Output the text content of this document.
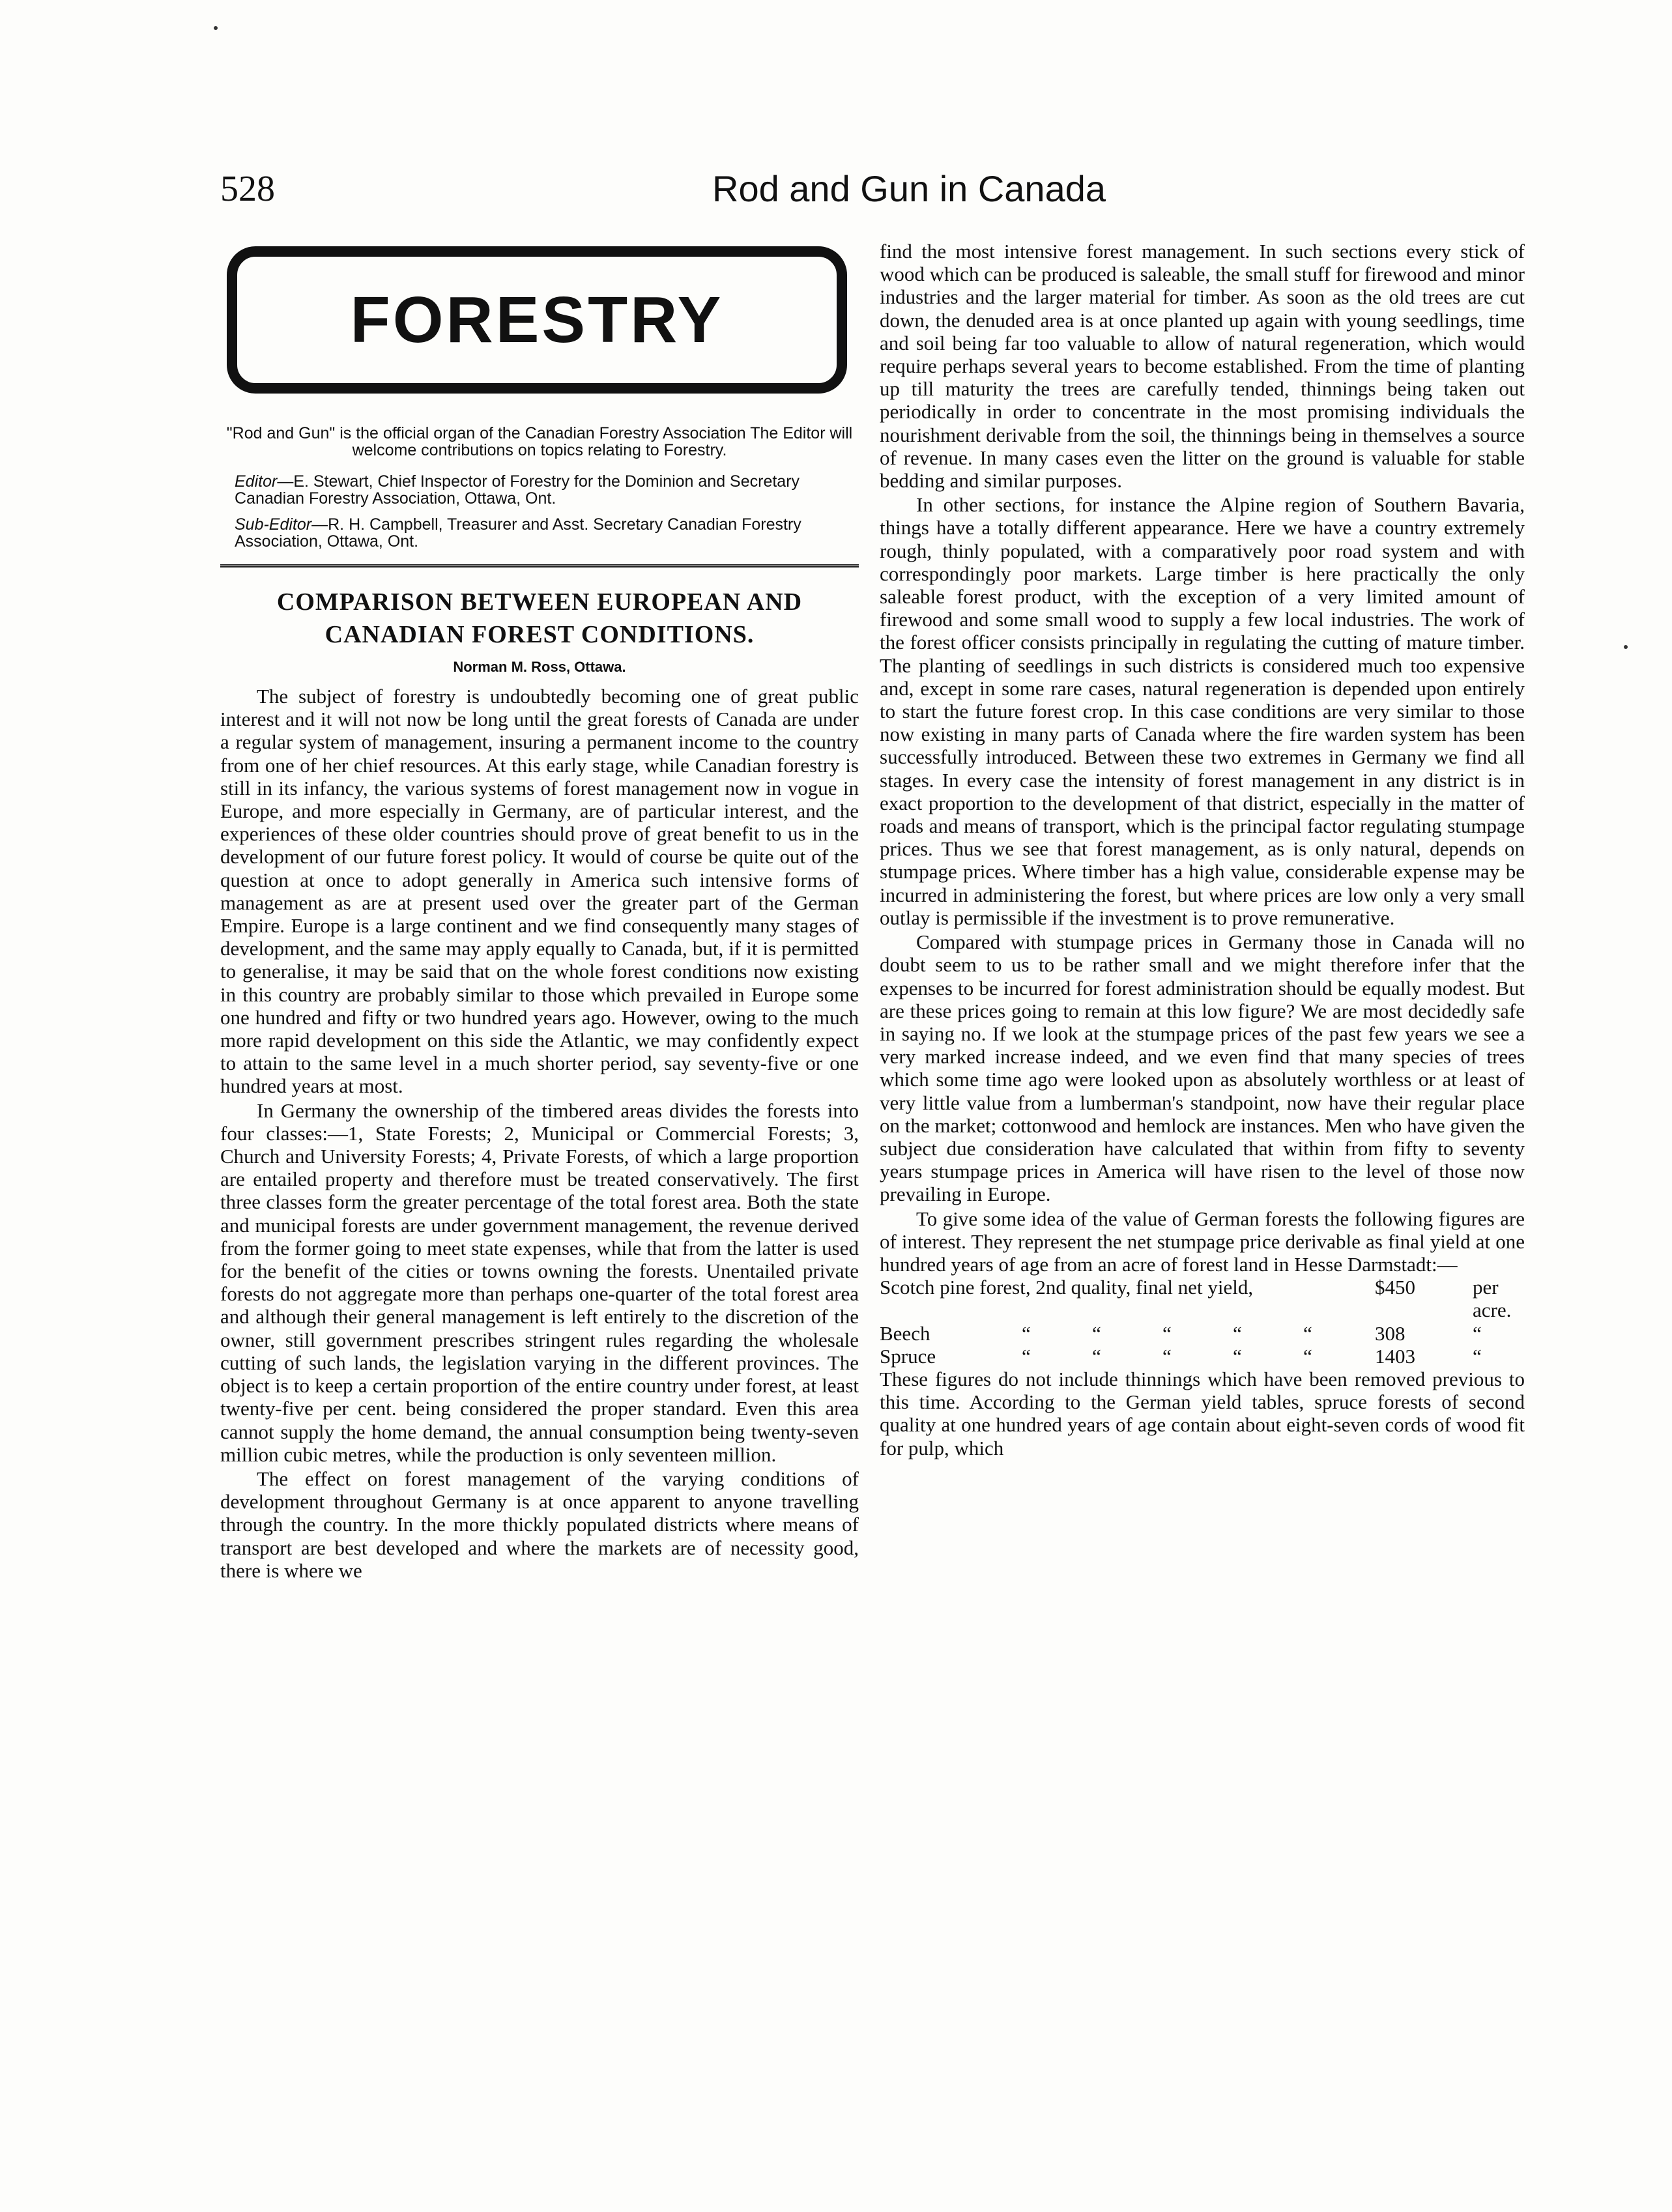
528	Rod and Gun in Canada
FORESTRY
"Rod and Gun" is the official organ of the Canadian Forestry Association The Editor will welcome contributions on topics relating to Forestry.

Editor—E. Stewart, Chief Inspector of Forestry for the Dominion and Secretary Canadian Forestry Association, Ottawa, Ont.

Sub-Editor—R. H. Campbell, Treasurer and Asst. Secretary Canadian Forestry Association, Ottawa, Ont.

COMPARISON BETWEEN EUROPEAN AND
CANADIAN FOREST CONDITIONS.
Norman M. Ross, Ottawa.

The subject of forestry is undoubtedly becoming one of great public interest and it will not now be long until the great forests of Canada are under a regular system of management, insuring a permanent income to the country from one of her chief resources. At this early stage, while Canadian forestry is still in its infancy, the various systems of forest management now in vogue in Europe, and more especially in Germany, are of particular interest, and the experiences of these older countries should prove of great benefit to us in the development of our future forest policy. It would of course be quite out of the question at once to adopt generally in America such intensive forms of management as are at present used over the greater part of the German Empire. Europe is a large continent and we find consequently many stages of development, and the same may apply equally to Canada, but, if it is permitted to generalise, it may be said that on the whole forest conditions now existing in this country are probably similar to those which prevailed in Europe some one hundred and fifty or two hundred years ago. However, owing to the much more rapid development on this side the Atlantic, we may confidently expect to attain to the same level in a much shorter period, say seventy-five or one hundred years at most.

In Germany the ownership of the timbered areas divides the forests into four classes:—1, State Forests; 2, Municipal or Commercial Forests; 3, Church and University Forests; 4, Private Forests, of which a large proportion are entailed property and therefore must be treated conservatively. The first three classes form the greater percentage of the total forest area. Both the state and municipal forests are under government management, the revenue derived from the former going to meet state expenses, while that from the latter is used for the benefit of the cities or towns owning the forests. Unentailed private forests do not aggregate more than perhaps one-quarter of the total forest area and although their general management is left entirely to the discretion of the owner, still government prescribes stringent rules regarding the wholesale cutting of such lands, the legislation varying in the different provinces. The object is to keep a certain proportion of the entire country under forest, at least twenty-five per cent. being considered the proper standard. Even this area cannot supply the home demand, the annual consumption being twenty-seven million cubic metres, while the production is only seventeen million.

The effect on forest management of the varying conditions of development throughout Germany is at once apparent to anyone travelling through the country. In the more thickly populated districts where means of transport are best developed and where the markets are of necessity good, there is where we

find the most intensive forest management. In such sections every stick of wood which can be produced is saleable, the small stuff for firewood and minor industries and the larger material for timber. As soon as the old trees are cut down, the denuded area is at once planted up again with young seedlings, time and soil being far too valuable to allow of natural regeneration, which would require perhaps several years to become established. From the time of planting up till maturity the trees are carefully tended, thinnings being taken out periodically in order to concentrate in the most promising individuals the nourishment derivable from the soil, the thinnings being in themselves a source of revenue. In many cases even the litter on the ground is valuable for stable bedding and similar purposes.

In other sections, for instance the Alpine region of Southern Bavaria, things have a totally different appearance. Here we have a country extremely rough, thinly populated, with a comparatively poor road system and with correspondingly poor markets. Large timber is here practically the only saleable forest product, with the exception of a very limited amount of firewood and some small wood to supply a few local industries. The work of the forest officer consists principally in regulating the cutting of mature timber. The planting of seedlings in such districts is considered much too expensive and, except in some rare cases, natural regeneration is depended upon entirely to start the future forest crop. In this case conditions are very similar to those now existing in many parts of Canada where the fire warden system has been successfully introduced. Between these two extremes in Germany we find all stages. In every case the intensity of forest management in any district is in exact proportion to the development of that district, especially in the matter of roads and means of transport, which is the principal factor regulating stumpage prices. Thus we see that forest management, as is only natural, depends on stumpage prices. Where timber has a high value, considerable expense may be incurred in administering the forest, but where prices are low only a very small outlay is permissible if the investment is to prove remunerative.

Compared with stumpage prices in Germany those in Canada will no doubt seem to us to be rather small and we might therefore infer that the expenses to be incurred for forest administration should be equally modest. But are these prices going to remain at this low figure? We are most decidedly safe in saying no. If we look at the stumpage prices of the past few years we see a very marked increase indeed, and we even find that many species of trees which some time ago were looked upon as absolutely worthless or at least of very little value from a lumberman's standpoint, now have their regular place on the market; cottonwood and hemlock are instances. Men who have given the subject due consideration have calculated that within from fifty to seventy years stumpage prices in America will have risen to the level of those now prevailing in Europe.

To give some idea of the value of German forests the following figures are of interest. They represent the net stumpage price derivable as final yield at one hundred years of age from an acre of forest land in Hesse Darmstadt:—

Scotch pine forest, 2nd quality, final net yield,	$450	per acre.
Beech	“	“	“	“	“	308	“
Spruce	“	“	“	“	“	1403	“

These figures do not include thinnings which have been removed previous to this time. According to the German yield tables, spruce forests of second quality at one hundred years of age contain about eight-seven cords of wood fit for pulp, which
